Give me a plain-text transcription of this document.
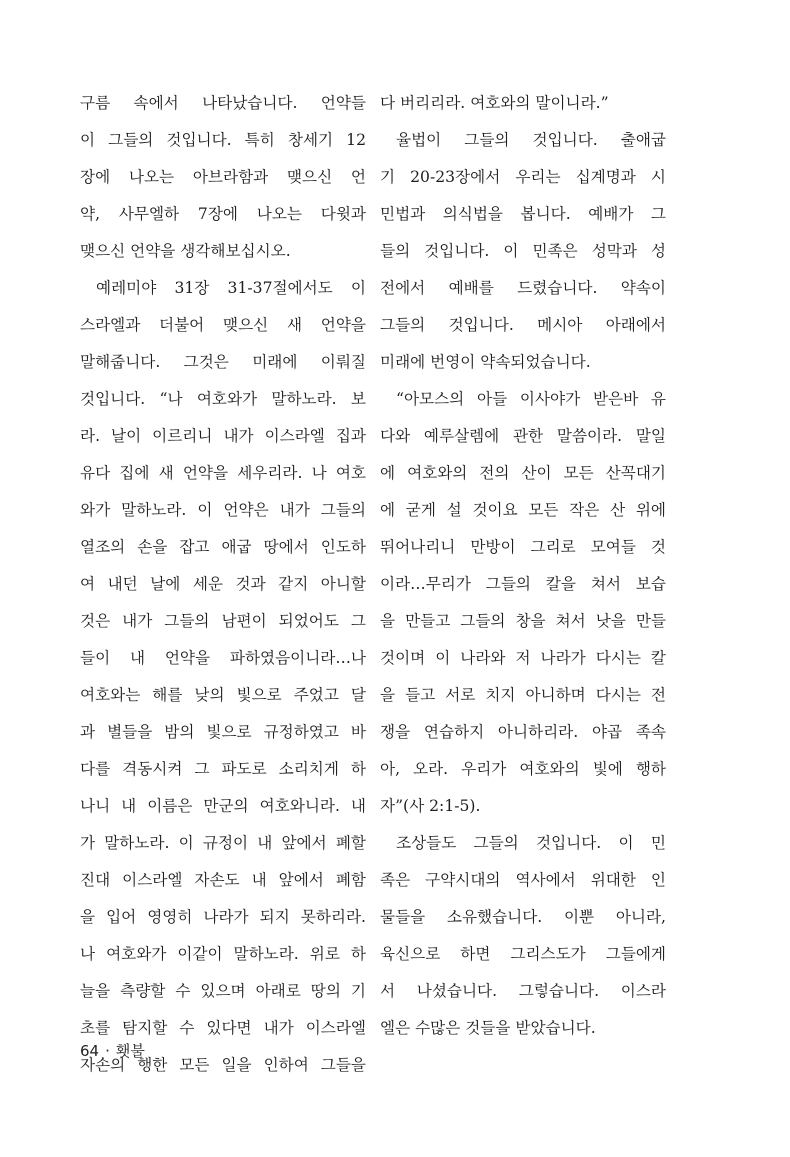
구름 속에서 나타났습니다. 언약들
이 그들의 것입니다. 특히 창세기 12
장에 나오는 아브라함과 맺으신 언
약, 사무엘하 7장에 나오는 다윗과
맺으신 언약을 생각해보십시오.
예레미야 31장 31-37절에서도 이
스라엘과 더불어 맺으신 새 언약을
말해줍니다. 그것은 미래에 이뤄질
것입니다. “나 여호와가 말하노라. 보
라. 날이 이르리니 내가 이스라엘 집과
유다 집에 새 언약을 세우리라. 나 여호
와가 말하노라. 이 언약은 내가 그들의
열조의 손을 잡고 애굽 땅에서 인도하
여 내던 날에 세운 것과 같지 아니할
것은 내가 그들의 남편이 되었어도 그
들이 내 언약을 파하였음이니라…나
여호와는 해를 낮의 빛으로 주었고 달
과 별들을 밤의 빛으로 규정하였고 바
다를 격동시켜 그 파도로 소리치게 하
나니 내 이름은 만군의 여호와니라. 내
가 말하노라. 이 규정이 내 앞에서 폐할
진대 이스라엘 자손도 내 앞에서 폐함
을 입어 영영히 나라가 되지 못하리라.
나 여호와가 이같이 말하노라. 위로 하
늘을 측량할 수 있으며 아래로 땅의 기
초를 탐지할 수 있다면 내가 이스라엘
자손의 행한 모든 일을 인하여 그들을
다 버리리라. 여호와의 말이니라.”
율법이 그들의 것입니다. 출애굽
기 20-23장에서 우리는 십계명과 시
민법과 의식법을 봅니다. 예배가 그
들의 것입니다. 이 민족은 성막과 성
전에서 예배를 드렸습니다. 약속이
그들의 것입니다. 메시아 아래에서
미래에 번영이 약속되었습니다.
“아모스의 아들 이사야가 받은바 유
다와 예루살렘에 관한 말씀이라. 말일
에 여호와의 전의 산이 모든 산꼭대기
에 굳게 설 것이요 모든 작은 산 위에
뛰어나리니 만방이 그리로 모여들 것
이라…무리가 그들의 칼을 쳐서 보습
을 만들고 그들의 창을 쳐서 낫을 만들
것이며 이 나라와 저 나라가 다시는 칼
을 들고 서로 치지 아니하며 다시는 전
쟁을 연습하지 아니하리라. 야곱 족속
아, 오라. 우리가 여호와의 빛에 행하
자”(사 2:1-5).
조상들도 그들의 것입니다. 이 민
족은 구약시대의 역사에서 위대한 인
물들을 소유했습니다. 이뿐 아니라,
육신으로 하면 그리스도가 그들에게
서 나셨습니다. 그렇습니다. 이스라
엘은 수많은 것들을 받았습니다.
64 · 횃불
